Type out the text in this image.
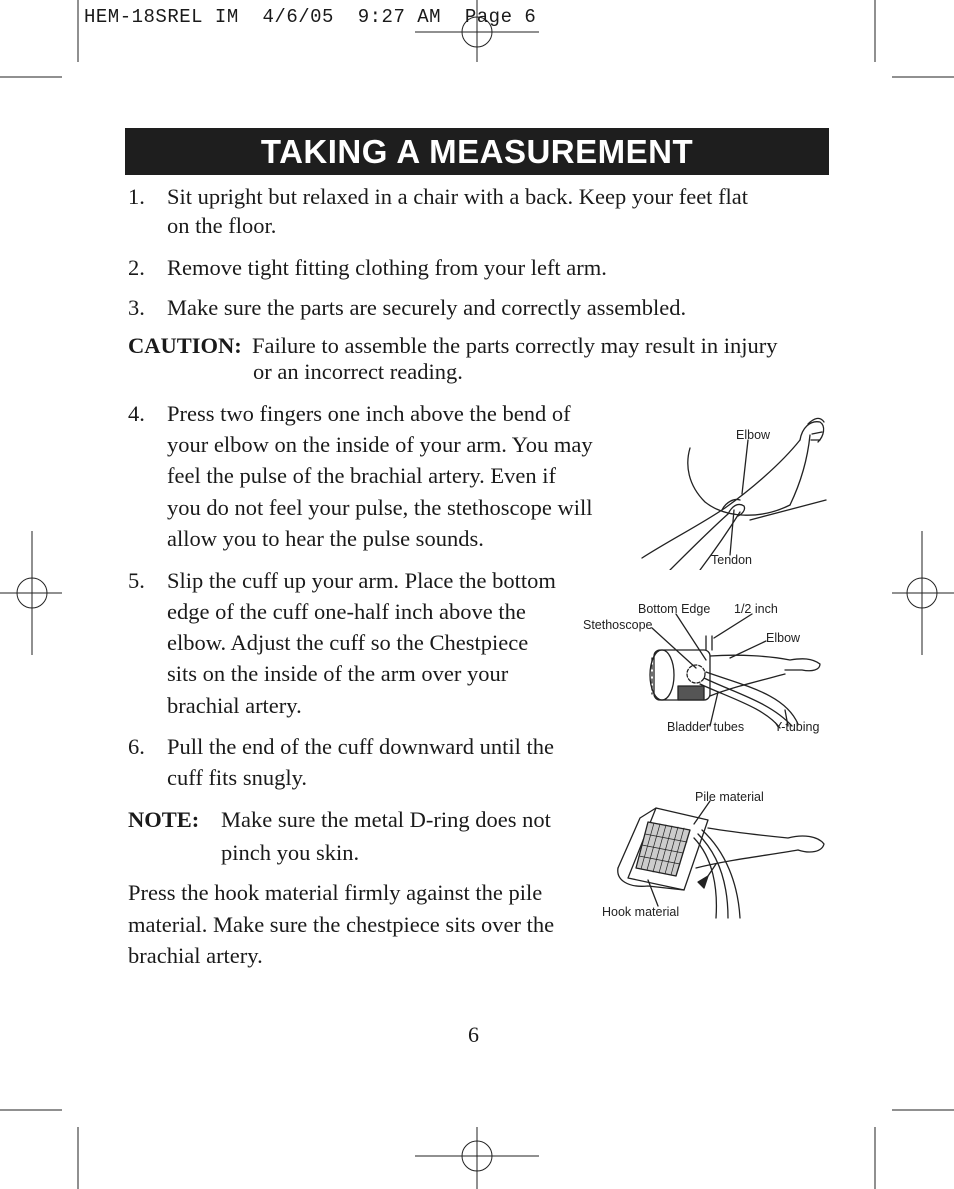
HEM-18SREL IM  4/6/05  9:27 AM  Page 6
TAKING A MEASUREMENT
1. Sit upright but relaxed in a chair with a back. Keep your feet flat
on the floor.
2. Remove tight fitting clothing from your left arm.
3. Make sure the parts are securely and correctly assembled.
CAUTION: Failure to assemble the parts correctly may result in injury
or an incorrect reading.
4. Press two fingers one inch above the bend of
your elbow on the inside of your arm. You may
feel the pulse of the brachial artery. Even if
you do not feel your pulse, the stethoscope will
allow you to hear the pulse sounds.
5. Slip the cuff up your arm. Place the bottom
edge of the cuff one-half inch above the
elbow. Adjust the cuff so the Chestpiece
sits on the inside of the arm over your
brachial artery.
6. Pull the end of the cuff downward until the
cuff fits snugly.
NOTE: Make sure the metal D-ring does not
pinch you skin.
Press the hook material firmly against the pile
material. Make sure the chestpiece sits over the
brachial artery.
Elbow
Tendon
Bottom Edge 1/2 inch
Stethoscope
Elbow
Bladder tubes Y-tubing
Pile material
Hook material
6
